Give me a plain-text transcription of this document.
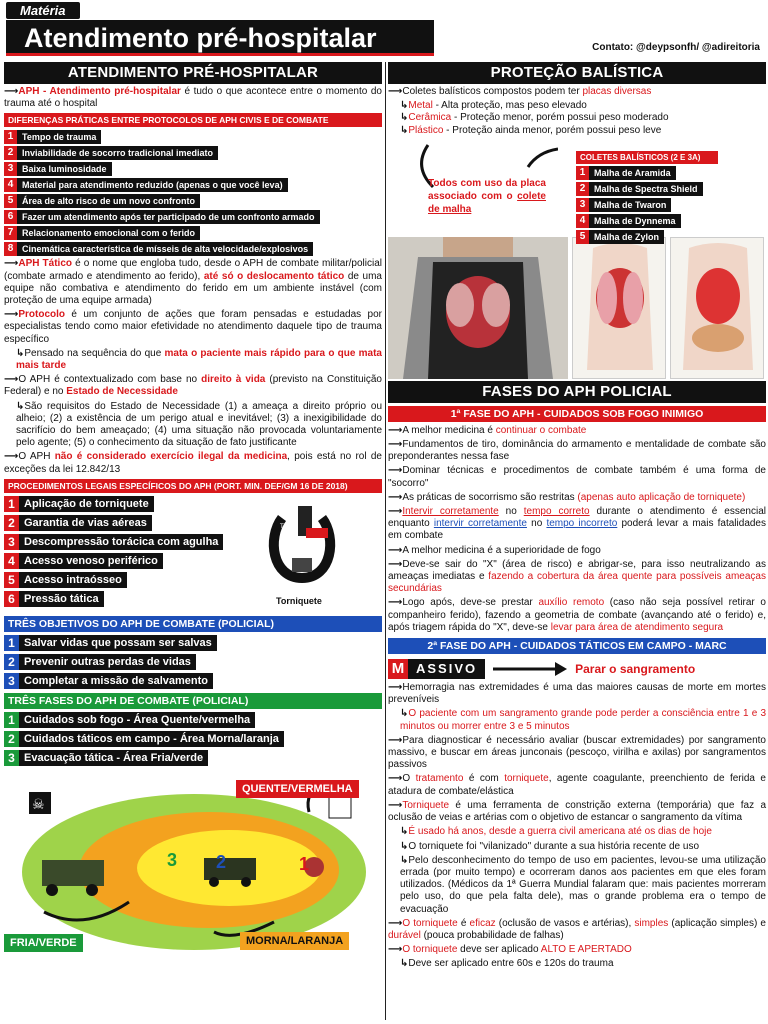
Matéria
Atendimento pré-hospitalar	Contato: @deypsonfh/ @adireitoria
ATENDIMENTO PRÉ-HOSPITALAR
⟶APH - Atendimento pré-hospitalar é tudo o que acontece entre o momento do trauma até o hospital
DIFERENÇAS PRÁTICAS ENTRE PROTOCOLOS DE APH CIVIS E DE COMBATE
1 Tempo de trauma
2 Inviabilidade de socorro tradicional imediato
3 Baixa luminosidade
4 Material para atendimento reduzido (apenas o que você leva)
5 Área de alto risco de um novo confronto
6 Fazer um atendimento após ter participado de um confronto armado
7 Relacionamento emocional com o ferido
8 Cinemática característica de mísseis de alta velocidade/explosivos
⟶APH Tático é o nome que engloba tudo, desde o APH de combate militar/policial (combate armado e atendimento ao ferido), até só o deslocamento tático de uma equipe não combativa e atendimento do ferido em um ambiente instável (com proteção de uma equipe armada)
⟶Protocolo é um conjunto de ações que foram pensadas e estudadas por especialistas tendo como maior efetividade no atendimento daquele tipo de trauma específico
↳Pensado na sequência do que mata o paciente mais rápido para o que mata mais tarde
⟶O APH é contextualizado com base no direito à vida (previsto na Constituição Federal) e no Estado de Necessidade
↳São requisitos do Estado de Necessidade (1) a ameaça a direito próprio ou alheio; (2) a existência de um perigo atual e inevitável; (3) a inexigibilidade do sacrifício do bem ameaçado; (4) uma situação não provocada voluntariamente pelo agente; (5) o conhecimento da situação de fato justificante
⟶O APH não é considerado exercício ilegal da medicina, pois está no rol de exceções da lei 12.842/13
PROCEDIMENTOS LEGAIS ESPECÍFICOS DO APH (PORT. MIN. DEF/GM 16 DE 2018)
1 Aplicação de torniquete
2 Garantia de vias aéreas
3 Descompressão torácica com agulha
4 Acesso venoso periférico
5 Acesso intraósseo
6 Pressão tática
TNQ
Torniquete
TRÊS OBJETIVOS DO APH DE COMBATE (POLICIAL)
1 Salvar vidas que possam ser salvas
2 Prevenir outras perdas de vidas
3 Completar a missão de salvamento
TRÊS FASES DO APH DE COMBATE (POLICIAL)
1 Cuidados sob fogo - Área Quente/vermelha
2 Cuidados táticos em campo - Área Morna/laranja
3 Evacuação tática - Área Fria/verde
☠
3 2	1
QUENTE/VERMELHA
MORNA/LARANJA
FRIA/VERDE
PROTEÇÃO BALÍSTICA
⟶Coletes balísticos compostos podem ter placas diversas
↳Metal - Alta proteção, mas peso elevado
↳Cerâmica - Proteção menor, porém possui peso moderado
↳Plástico - Proteção ainda menor, porém possui peso leve
Todos com uso da placa associado com o colete de malha
COLETES BALÍSTICOS (2 E 3A)
1 Malha de Aramida
2 Malha de Spectra Shield
3 Malha de Twaron
4 Malha de Dynnema
5 Malha de Zylon
FASES DO APH POLICIAL
1ª FASE DO APH - CUIDADOS SOB FOGO INIMIGO
⟶A melhor medicina é continuar o combate
⟶Fundamentos de tiro, dominância do armamento e mentalidade de combate são preponderantes nessa fase
⟶Dominar técnicas e procedimentos de combate também é uma forma de "socorro"
⟶As práticas de socorrismo são restritas (apenas auto aplicação de torniquete)
⟶Intervir corretamente no tempo correto durante o atendimento é essencial enquanto intervir corretamente no tempo incorreto poderá levar a mais fatalidades em combate
⟶A melhor medicina é a superioridade de fogo
⟶Deve-se sair do "X" (área de risco) e abrigar-se, para isso neutralizando as ameaças imediatas e fazendo a cobertura da área quente para possíveis ameaças secundárias
⟶Logo após, deve-se prestar auxílio remoto (caso não seja possível retirar o companheiro ferido), fazendo a geometria de combate (avançando até o ferido) e, após triagem rápida do "X", deve-se levar para área de atendimento segura
2ª FASE DO APH - CUIDADOS TÁTICOS EM CAMPO - MARC
M ASSIVO	Parar o sangramento
⟶Hemorragia nas extremidades é uma das maiores causas de morte em mortes preveníveis
↳O paciente com um sangramento grande pode perder a consciência entre 1 e 3 minutos ou morrer entre 3 e 5 minutos
⟶Para diagnosticar é necessário avaliar (buscar extremidades) por sangramento massivo, e buscar em áreas junconais (pescoço, virilha e axilas) por sangramentos passivos
⟶O tratamento é com torniquete, agente coagulante, preenchiento de ferida e atadura de combate/elástica
⟶Torniquete é uma ferramenta de constrição externa (temporária) que faz a oclusão de veias e artérias com o objetivo de estancar o sangramento da vítima
↳É usado há anos, desde a guerra civil americana até os dias de hoje
↳O torniquete foi "vilanizado" durante a sua história recente de uso
↳Pelo desconhecimento do tempo de uso em pacientes, levou-se uma utilização errada (por muito tempo) e ocorreram danos aos pacientes em que eles foram utilizados. (Médicos da 1ª Guerra Mundial falaram que: mais pacientes morreram pelo uso, do que pela falta dele), mas o grande problema era o tempo de evacuação
⟶O torniquete é eficaz (oclusão de vasos e artérias), simples (aplicação simples) e durável (pouca probabilidade de falhas)
⟶O torniquete deve ser aplicado ALTO E APERTADO
↳Deve ser aplicado entre 60s e 120s do trauma
